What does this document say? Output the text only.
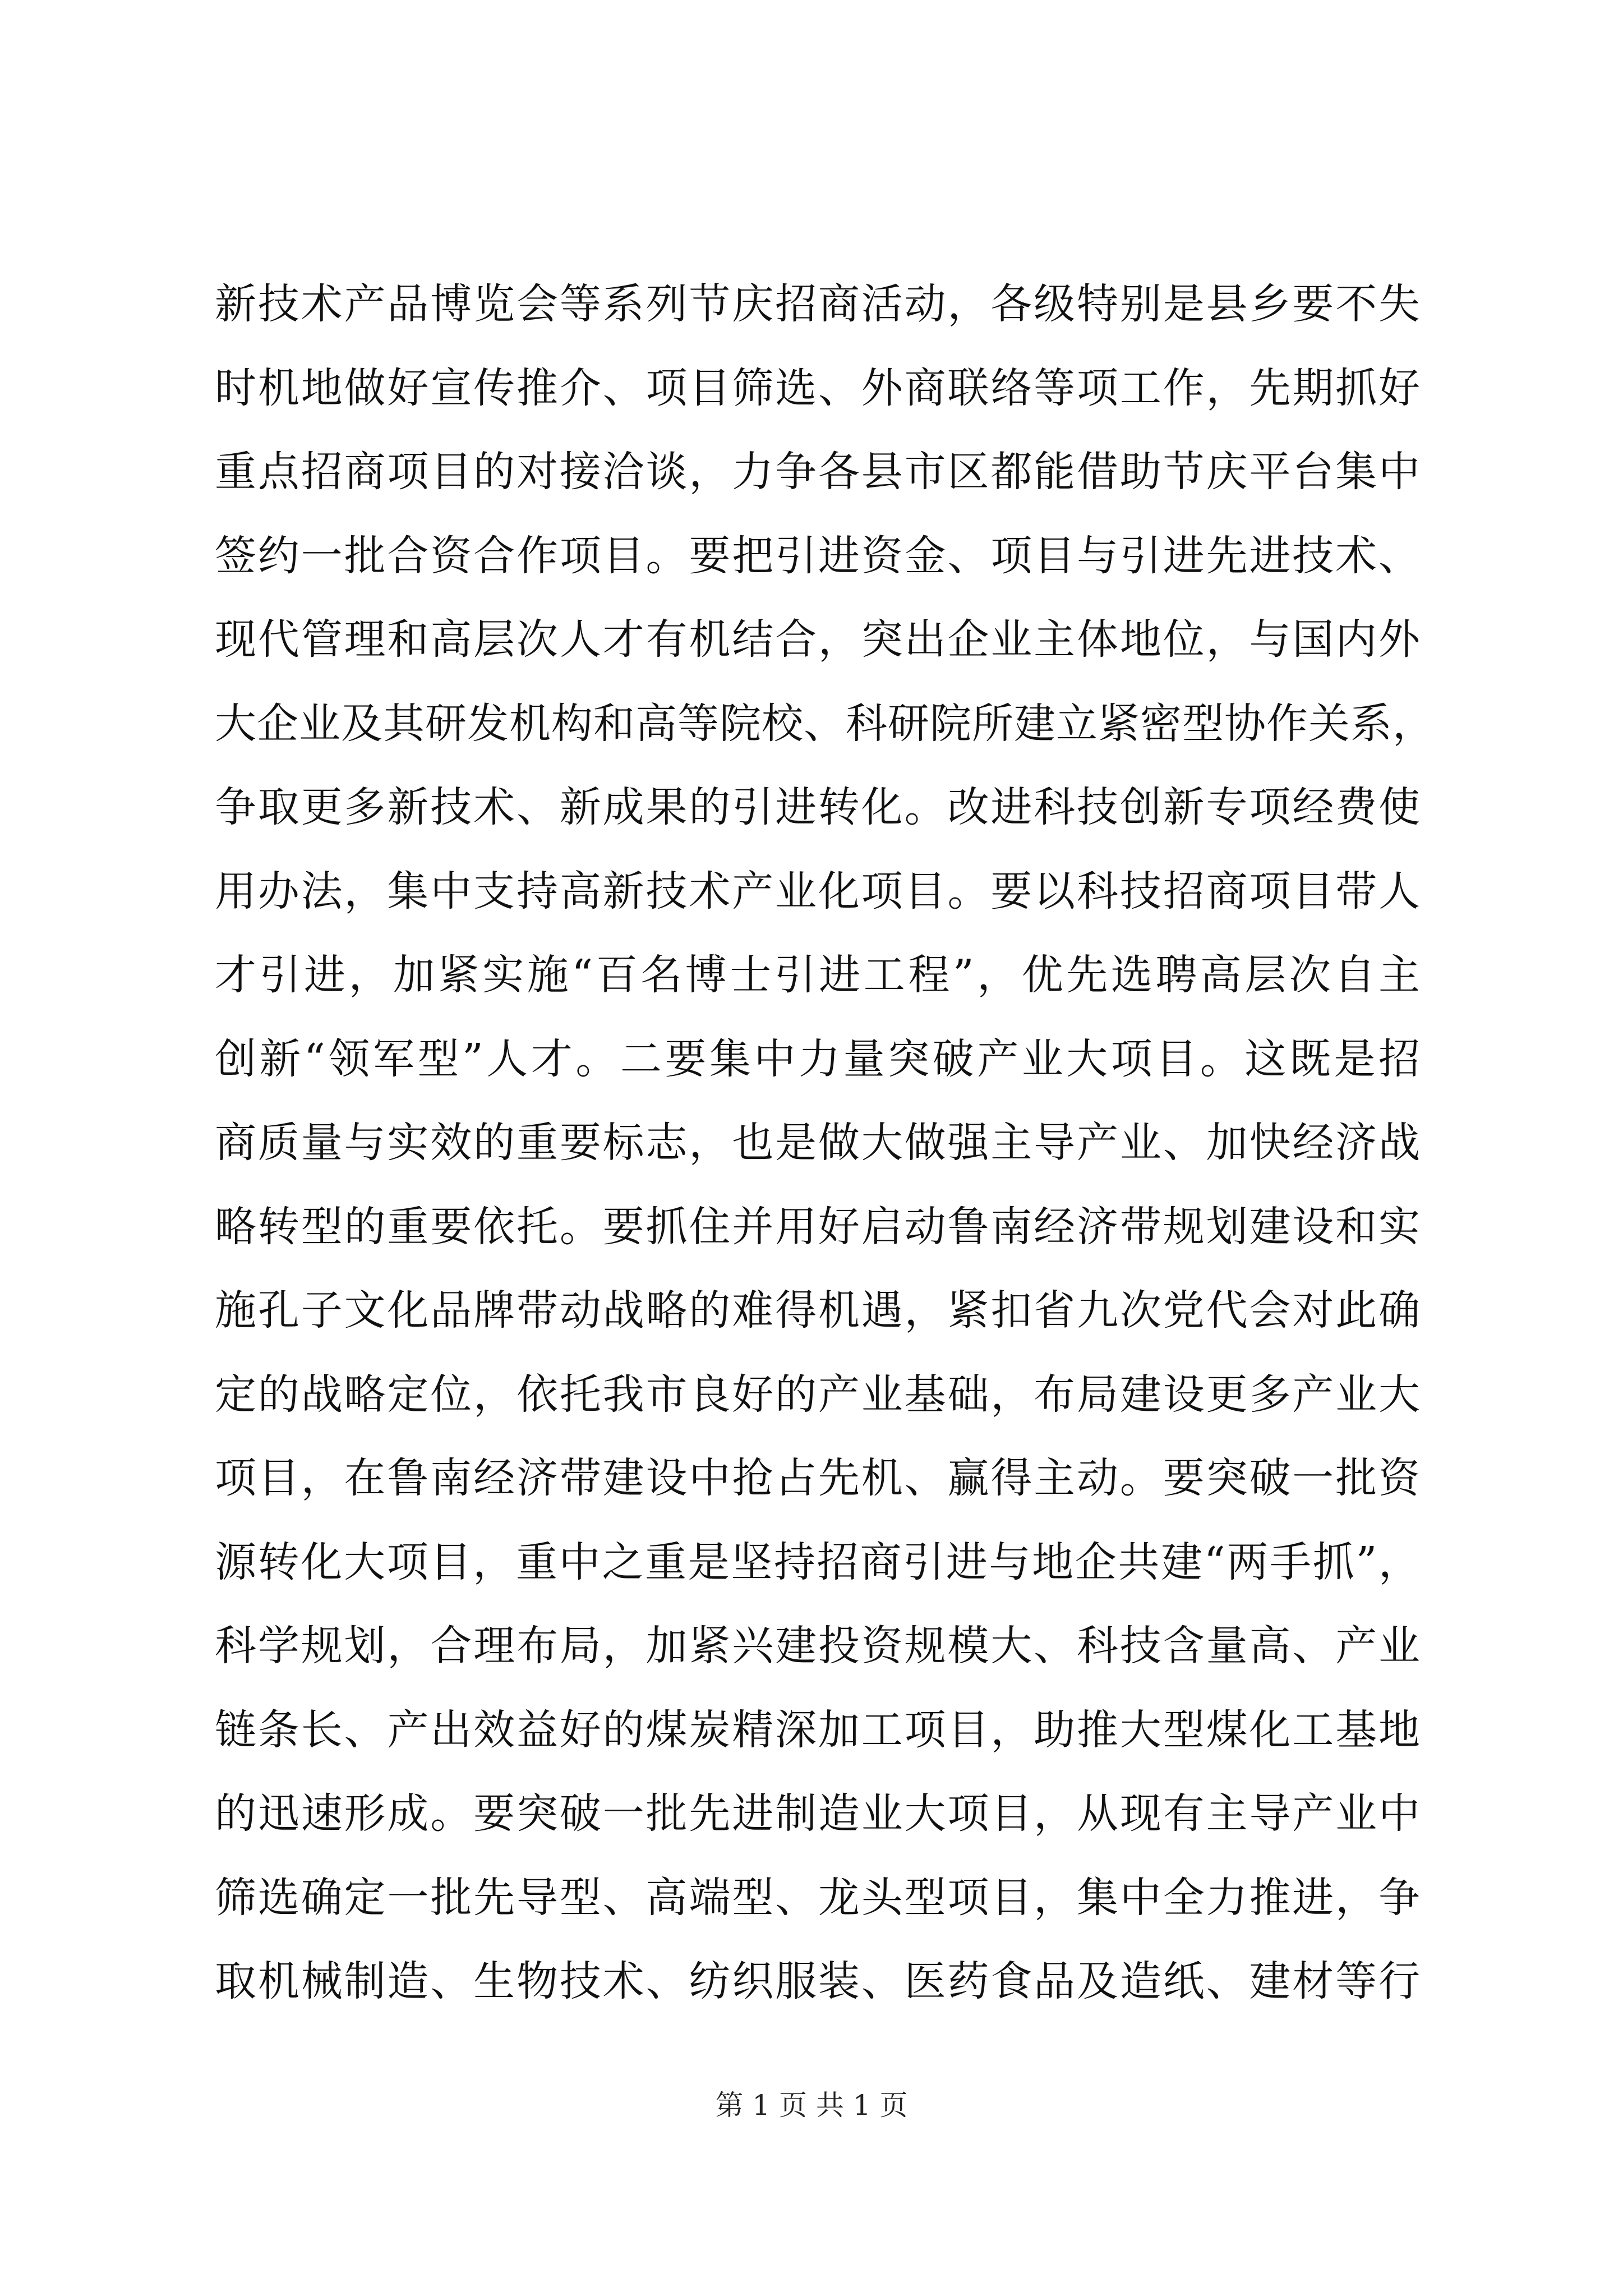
新技术产品博览会等系列节庆招商活动，各级特别是县乡要不失
时机地做好宣传推介、项目筛选、外商联络等项工作，先期抓好
重点招商项目的对接洽谈，力争各县市区都能借助节庆平台集中
签约一批合资合作项目。要把引进资金、项目与引进先进技术、
现代管理和高层次人才有机结合，突出企业主体地位，与国内外
大企业及其研发机构和高等院校、科研院所建立紧密型协作关系，
争取更多新技术、新成果的引进转化。改进科技创新专项经费使
用办法，集中支持高新技术产业化项目。要以科技招商项目带人
才引进，加紧实施“百名博士引进工程”，优先选聘高层次自主
创新“领军型”人才。二要集中力量突破产业大项目。这既是招
商质量与实效的重要标志，也是做大做强主导产业、加快经济战
略转型的重要依托。要抓住并用好启动鲁南经济带规划建设和实
施孔子文化品牌带动战略的难得机遇，紧扣省九次党代会对此确
定的战略定位，依托我市良好的产业基础，布局建设更多产业大
项目，在鲁南经济带建设中抢占先机、赢得主动。要突破一批资
源转化大项目，重中之重是坚持招商引进与地企共建“两手抓”，
科学规划，合理布局，加紧兴建投资规模大、科技含量高、产业
链条长、产出效益好的煤炭精深加工项目，助推大型煤化工基地
的迅速形成。要突破一批先进制造业大项目，从现有主导产业中
筛选确定一批先导型、高端型、龙头型项目，集中全力推进，争
取机械制造、生物技术、纺织服装、医药食品及造纸、建材等行
第 1 页 共 1 页
